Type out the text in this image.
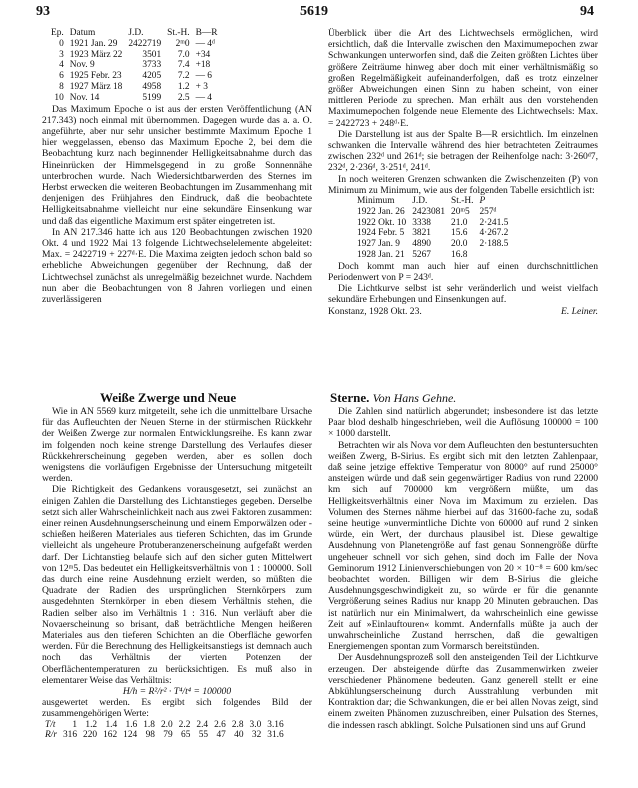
93	5619	94
Ep.	Datum	J.D.	St.-H.	B—R
0	1921 Jan. 29	2422719	2ᵐ0	— 4ᵈ
3	1923 März 22	3501	7.0	+34
4	Nov. 9	3733	7.4	+18
6	1925 Febr. 23	4205	7.2	— 6
8	1927 März 18	4958	1.2	+ 3
10	Nov. 14	5199	2.5	— 4

Das Maximum Epoche o ist aus der ersten Veröffentlichung (AN 217.343) noch einmal mit übernommen. Dagegen wurde das a. a. O. angeführte, aber nur sehr unsicher bestimmte Maximum Epoche 1 hier weggelassen, ebenso das Maximum Epoche 2, bei dem die Beobachtung kurz nach beginnender Helligkeitsabnahme durch das Hineinrücken der Himmelsgegend in zu große Sonnennähe unterbrochen wurde. Nach Wiedersichtbarwerden des Sternes im Herbst erwecken die weiteren Beobachtungen im Zusammenhang mit denjenigen des Frühjahres den Eindruck, daß die beobachtete Helligkeitsabnahme vielleicht nur eine sekundäre Einsenkung war und daß das eigentliche Maximum erst später eingetreten ist.

In AN 217.346 hatte ich aus 120 Beobachtungen zwischen 1920 Okt. 4 und 1922 Mai 13 folgende Lichtwechselelemente abgeleitet: Max. = 2422719 + 227ᵈ·E. Die Maxima zeigten jedoch schon bald so erhebliche Abweichungen gegenüber der Rechnung, daß der Lichtwechsel zunächst als unregelmäßig bezeichnet wurde. Nachdem nun aber die Beobachtungen von 8 Jahren vorliegen und einen zuverlässigeren

Überblick über die Art des Lichtwechsels ermöglichen, wird ersichtlich, daß die Intervalle zwischen den Maximumepochen zwar Schwankungen unterworfen sind, daß die Zeiten größten Lichtes über größere Zeiträume hinweg aber doch mit einer verhältnismäßig so großen Regelmäßigkeit aufeinanderfolgen, daß es trotz einzelner größer Abweichungen einen Sinn zu haben scheint, von einer mittleren Periode zu sprechen. Man erhält aus den vorstehenden Maximumepochen folgende neue Elemente des Lichtwechsels: Max. = 2422723 + 248ᵈ·E.

Die Darstellung ist aus der Spalte B—R ersichtlich. Im einzelnen schwanken die Intervalle während des hier betrachteten Zeitraumes zwischen 232ᵈ und 261ᵈ; sie betragen der Reihenfolge nach: 3·260ᵈ7, 232ᵈ, 2·236ᵈ, 3·251ᵈ, 241ᵈ.

In noch weiteren Grenzen schwanken die Zwischenzeiten (P) von Minimum zu Minimum, wie aus der folgenden Tabelle ersichtlich ist:

Minimum	J.D.	St.-H.	P
1922 Jan. 26	2423081	20ᵐ5	257ᵈ
1922 Okt. 10	3338	21.0	2·241.5
1924 Febr. 5	3821	15.6	4·267.2
1927 Jan. 9	4890	20.0	2·188.5
1928 Jan. 21	5267	16.8	

Doch kommt man auch hier auf einen durchschnittlichen Periodenwert von P = 243ᵈ.

Die Lichtkurve selbst ist sehr veränderlich und weist vielfach sekundäre Erhebungen und Einsenkungen auf.

Konstanz, 1928 Okt. 23.	E. Leiner.
Weiße Zwerge und Neue	Sterne. Von Hans Gehne.

Wie in AN 5569 kurz mitgeteilt, sehe ich die unmittelbare Ursache für das Aufleuchten der Neuen Sterne in der stürmischen Rückkehr der Weißen Zwerge zur normalen Entwicklungsreihe. Es kann zwar im folgenden noch keine strenge Darstellung des Verlaufes dieser Rückkehrerscheinung gegeben werden, aber es sollen doch wenigstens die vorläufigen Ergebnisse der Untersuchung mitgeteilt werden.

Die Richtigkeit des Gedankens vorausgesetzt, sei zunächst an einigen Zahlen die Darstellung des Lichtanstieges gegeben. Derselbe setzt sich aller Wahrscheinlichkeit nach aus zwei Faktoren zusammen: einer reinen Ausdehnungserscheinung und einem Emporwälzen oder -schießen heißeren Materiales aus tieferen Schichten, das im Grunde vielleicht als ungeheure Protuberanzenerscheinung aufgefaßt werden darf. Der Lichtanstieg belaufe sich auf den sicher guten Mittelwert von 12ᵐ5. Das bedeutet ein Helligkeitsverhältnis von 1 : 100000. Soll das durch eine reine Ausdehnung erzielt werden, so müßten die Quadrate der Radien des ursprünglichen Sternkörpers zum ausgedehnten Sternkörper in eben diesem Verhältnis stehen, die Radien selber also im Verhältnis 1 : 316. Nun verläuft aber die Novaerscheinung so brisant, daß beträchtliche Mengen heißeren Materiales aus den tieferen Schichten an die Oberfläche geworfen werden. Für die Berechnung des Helligkeitsanstiegs ist demnach auch noch das Verhältnis der vierten Potenzen der Oberflächentemperaturen zu berücksichtigen. Es muß also in elementarer Weise das Verhältnis:

H/h = R²/r² · T⁴/t⁴ = 100000

ausgewertet werden. Es ergibt sich folgendes Bild der zusammengehörigen Werte:

T/t	1	1.2	1.4	1.6	1.8	2.0	2.2	2.4	2.6	2.8	3.0	3.16
R/r	316	220	162	124	98	79	65	55	47	40	32	31.6

Die Zahlen sind natürlich abgerundet; insbesondere ist das letzte Paar blod deshalb hingeschrieben, weil die Auflösung 100000 = 100 × 1000 darstellt.

Betrachten wir als Nova vor dem Aufleuchten den bestuntersuchten weißen Zwerg, B-Sirius. Es ergibt sich mit den letzten Zahlenpaar, daß seine jetzige effektive Temperatur von 8000° auf rund 25000° ansteigen würde und daß sein gegenwärtiger Radius von rund 22000 km sich auf 700000 km vergrößern müßte, um das Helligkeitsverhältnis einer Nova im Maximum zu erzielen. Das Volumen des Sternes nähme hierbei auf das 31600-fache zu, sodaß seine heutige »unvermintliche Dichte von 60000 auf rund 2 sinken würde, ein Wert, der durchaus plausibel ist. Diese gewaltige Ausdehnung von Planetengröße auf fast genau Sonnengröße dürfte ungeheuer schnell vor sich gehen, sind doch im Falle der Nova Geminorum 1912 Linienverschiebungen von 20 × 10⁻⁸ = 600 km/sec beobachtet worden. Billigen wir dem B-Sirius die gleiche Ausdehnungsgeschwindigkeit zu, so würde er für die genannte Vergrößerung seines Radius nur knapp 20 Minuten gebrauchen. Das ist natürlich nur ein Minimalwert, da wahrscheinlich eine gewisse Zeit auf »Einlauftouren« kommt. Andernfalls müßte ja auch der unwahrscheinliche Zustand herrschen, daß die gewaltigen Energiemengen spontan zum Vormarsch bereitstünden.

Der Ausdehnungsprozeß soll den ansteigenden Teil der Lichtkurve erzeugen. Der absteigende dürfte das Zusammenwirken zweier verschiedener Phänomene bedeuten. Ganz generell stellt er eine Abkühlungserscheinung durch Ausstrahlung verbunden mit Kontraktion dar; die Schwankungen, die er bei allen Novas zeigt, sind einem zweiten Phänomen zuzuschreiben, einer Pulsation des Sternes, die indessen rasch abklingt. Solche Pulsationen sind uns auf Grund
